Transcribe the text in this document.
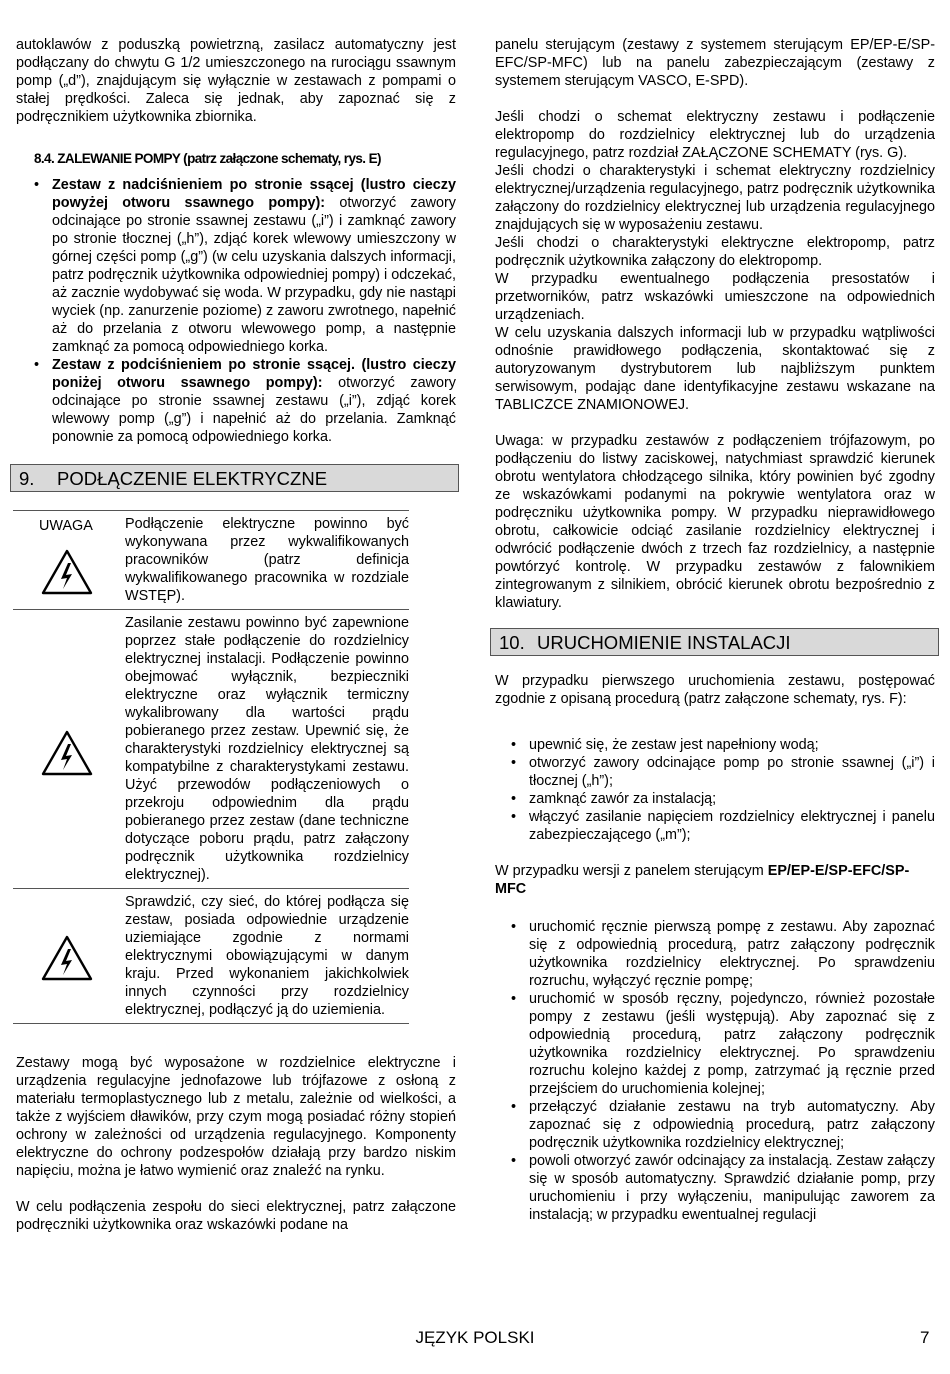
autoklawów z poduszką powietrzną, zasilacz automatyczny jest podłączany do chwytu G 1/2 umieszczonego na rurociągu ssawnym pomp („d”), znajdującym się wyłącznie w zestawach z pompami o stałej prędkości. Zaleca się jednak, aby zapoznać się z podręcznikiem użytkownika zbiornika.

8.4. ZALEWANIE POMPY (patrz załączone schematy, rys. E)
• Zestaw z nadciśnieniem po stronie ssącej (lustro cieczy powyżej otworu ssawnego pompy): otworzyć zawory odcinające po stronie ssawnej zestawu („i”) i zamknąć zawory po stronie tłocznej („h”), zdjąć korek wlewowy umieszczony w górnej części pomp („g”) (w celu uzyskania dalszych informacji, patrz podręcznik użytkownika odpowiedniej pompy) i odczekać, aż zacznie wydobywać się woda. W przypadku, gdy nie nastąpi wyciek (np. zanurzenie poziome) z zaworu zwrotnego, napełnić aż do przelania z otworu wlewowego pomp, a następnie zamknąć za pomocą odpowiedniego korka.
• Zestaw z podciśnieniem po stronie ssącej. (lustro cieczy poniżej otworu ssawnego pompy): otworzyć zawory odcinające po stronie ssawnej zestawu („i”), zdjąć korek wlewowy pomp („g”) i napełnić aż do przelania. Zamknąć ponownie za pomocą odpowiedniego korka.
9. PODŁĄCZENIE ELEKTRYCZNE
UWAGA Podłączenie elektryczne powinno być wykonywana przez wykwalifikowanych pracowników (patrz definicja wykwalifikowanego pracownika w rozdziale WSTĘP).

Zasilanie zestawu powinno być zapewnione poprzez stałe podłączenie do rozdzielnicy elektrycznej instalacji. Podłączenie powinno obejmować wyłącznik, bezpieczniki elektryczne oraz wyłącznik termiczny wykalibrowany dla wartości prądu pobieranego przez zestaw. Upewnić się, że charakterystyki rozdzielnicy elektrycznej są kompatybilne z charakterystykami zestawu. Użyć przewodów podłączeniowych o przekroju odpowiednim dla prądu pobieranego przez zestaw (dane techniczne dotyczące poboru prądu, patrz załączony podręcznik użytkownika rozdzielnicy elektrycznej).

Sprawdzić, czy sieć, do której podłącza się zestaw, posiada odpowiednie urządzenie uziemiające zgodnie z normami elektrycznymi obowiązującymi w danym kraju. Przed wykonaniem jakichkolwiek innych czynności przy rozdzielnicy elektrycznej, podłączyć ją do uziemienia.

Zestawy mogą być wyposażone w rozdzielnice elektryczne i urządzenia regulacyjne jednofazowe lub trójfazowe z osłoną z materiału termoplastycznego lub z metalu, zależnie od wielkości, a także z wyjściem dławików, przy czym mogą posiadać różny stopień ochrony w zależności od urządzenia regulacyjnego. Komponenty elektryczne do ochrony podzespołów działają przy bardzo niskim napięciu, można je łatwo wymienić oraz znaleźć na rynku.

W celu podłączenia zespołu do sieci elektrycznej, patrz załączone podręczniki użytkownika oraz wskazówki podane na

panelu sterującym (zestawy z systemem sterującym EP/EP-E/SP-EFC/SP-MFC) lub na panelu zabezpieczającym (zestawy z systemem sterującym VASCO, E-SPD).

Jeśli chodzi o schemat elektryczny zestawu i podłączenie elektropomp do rozdzielnicy elektrycznej lub do urządzenia regulacyjnego, patrz rozdział ZAŁĄCZONE SCHEMATY (rys. G).

Jeśli chodzi o charakterystyki i schemat elektryczny rozdzielnicy elektrycznej/urządzenia regulacyjnego, patrz podręcznik użytkownika załączony do rozdzielnicy elektrycznej lub urządzenia regulacyjnego znajdujących się w wyposażeniu zestawu.

Jeśli chodzi o charakterystyki elektryczne elektropomp, patrz podręcznik użytkownika załączony do elektropomp.

W przypadku ewentualnego podłączenia presostatów i przetworników, patrz wskazówki umieszczone na odpowiednich urządzeniach.

W celu uzyskania dalszych informacji lub w przypadku wątpliwości odnośnie prawidłowego podłączenia, skontaktować się z autoryzowanym dystrybutorem lub najbliższym punktem serwisowym, podając dane identyfikacyjne zestawu wskazane na TABLICZCE ZNAMIONOWEJ.

Uwaga: w przypadku zestawów z podłączeniem trójfazowym, po podłączeniu do listwy zaciskowej, natychmiast sprawdzić kierunek obrotu wentylatora chłodzącego silnika, który powinien być zgodny ze wskazówkami podanymi na pokrywie wentylatora oraz w podręczniku użytkownika pompy. W przypadku nieprawidłowego obrotu, całkowicie odciąć zasilanie rozdzielnicy elektrycznej i odwrócić podłączenie dwóch z trzech faz rozdzielnicy, a następnie powtórzyć kontrolę. W przypadku zestawów z falownikiem zintegrowanym z silnikiem, obrócić kierunek obrotu bezpośrednio z klawiatury.

10. URUCHOMIENIE INSTALACJI

W przypadku pierwszego uruchomienia zestawu, postępować zgodnie z opisaną procedurą (patrz załączone schematy, rys. F):

• upewnić się, że zestaw jest napełniony wodą;
• otworzyć zawory odcinające pomp po stronie ssawnej („i”) i tłocznej („h”);
• zamknąć zawór za instalacją;
• włączyć zasilanie napięciem rozdzielnicy elektrycznej i panelu zabezpieczającego („m”);

W przypadku wersji z panelem sterującym EP/EP-E/SP-EFC/SP-MFC

• uruchomić ręcznie pierwszą pompę z zestawu. Aby zapoznać się z odpowiednią procedurą, patrz załączony podręcznik użytkownika rozdzielnicy elektrycznej. Po sprawdzeniu rozruchu, wyłączyć ręcznie pompę;
• uruchomić w sposób ręczny, pojedynczo, również pozostałe pompy z zestawu (jeśli występują). Aby zapoznać się z odpowiednią procedurą, patrz załączony podręcznik użytkownika rozdzielnicy elektrycznej. Po sprawdzeniu rozruchu kolejno każdej z pomp, zatrzymać ją ręcznie przed przejściem do uruchomienia kolejnej;
• przełączyć działanie zestawu na tryb automatyczny. Aby zapoznać się z odpowiednią procedurą, patrz załączony podręcznik użytkownika rozdzielnicy elektrycznej;
• powoli otworzyć zawór odcinający za instalacją. Zestaw załączy się w sposób automatyczny. Sprawdzić działanie pomp, przy uruchomieniu i przy wyłączeniu, manipulując zaworem za instalacją; w przypadku ewentualnej regulacji
JĘZYK POLSKI	7
